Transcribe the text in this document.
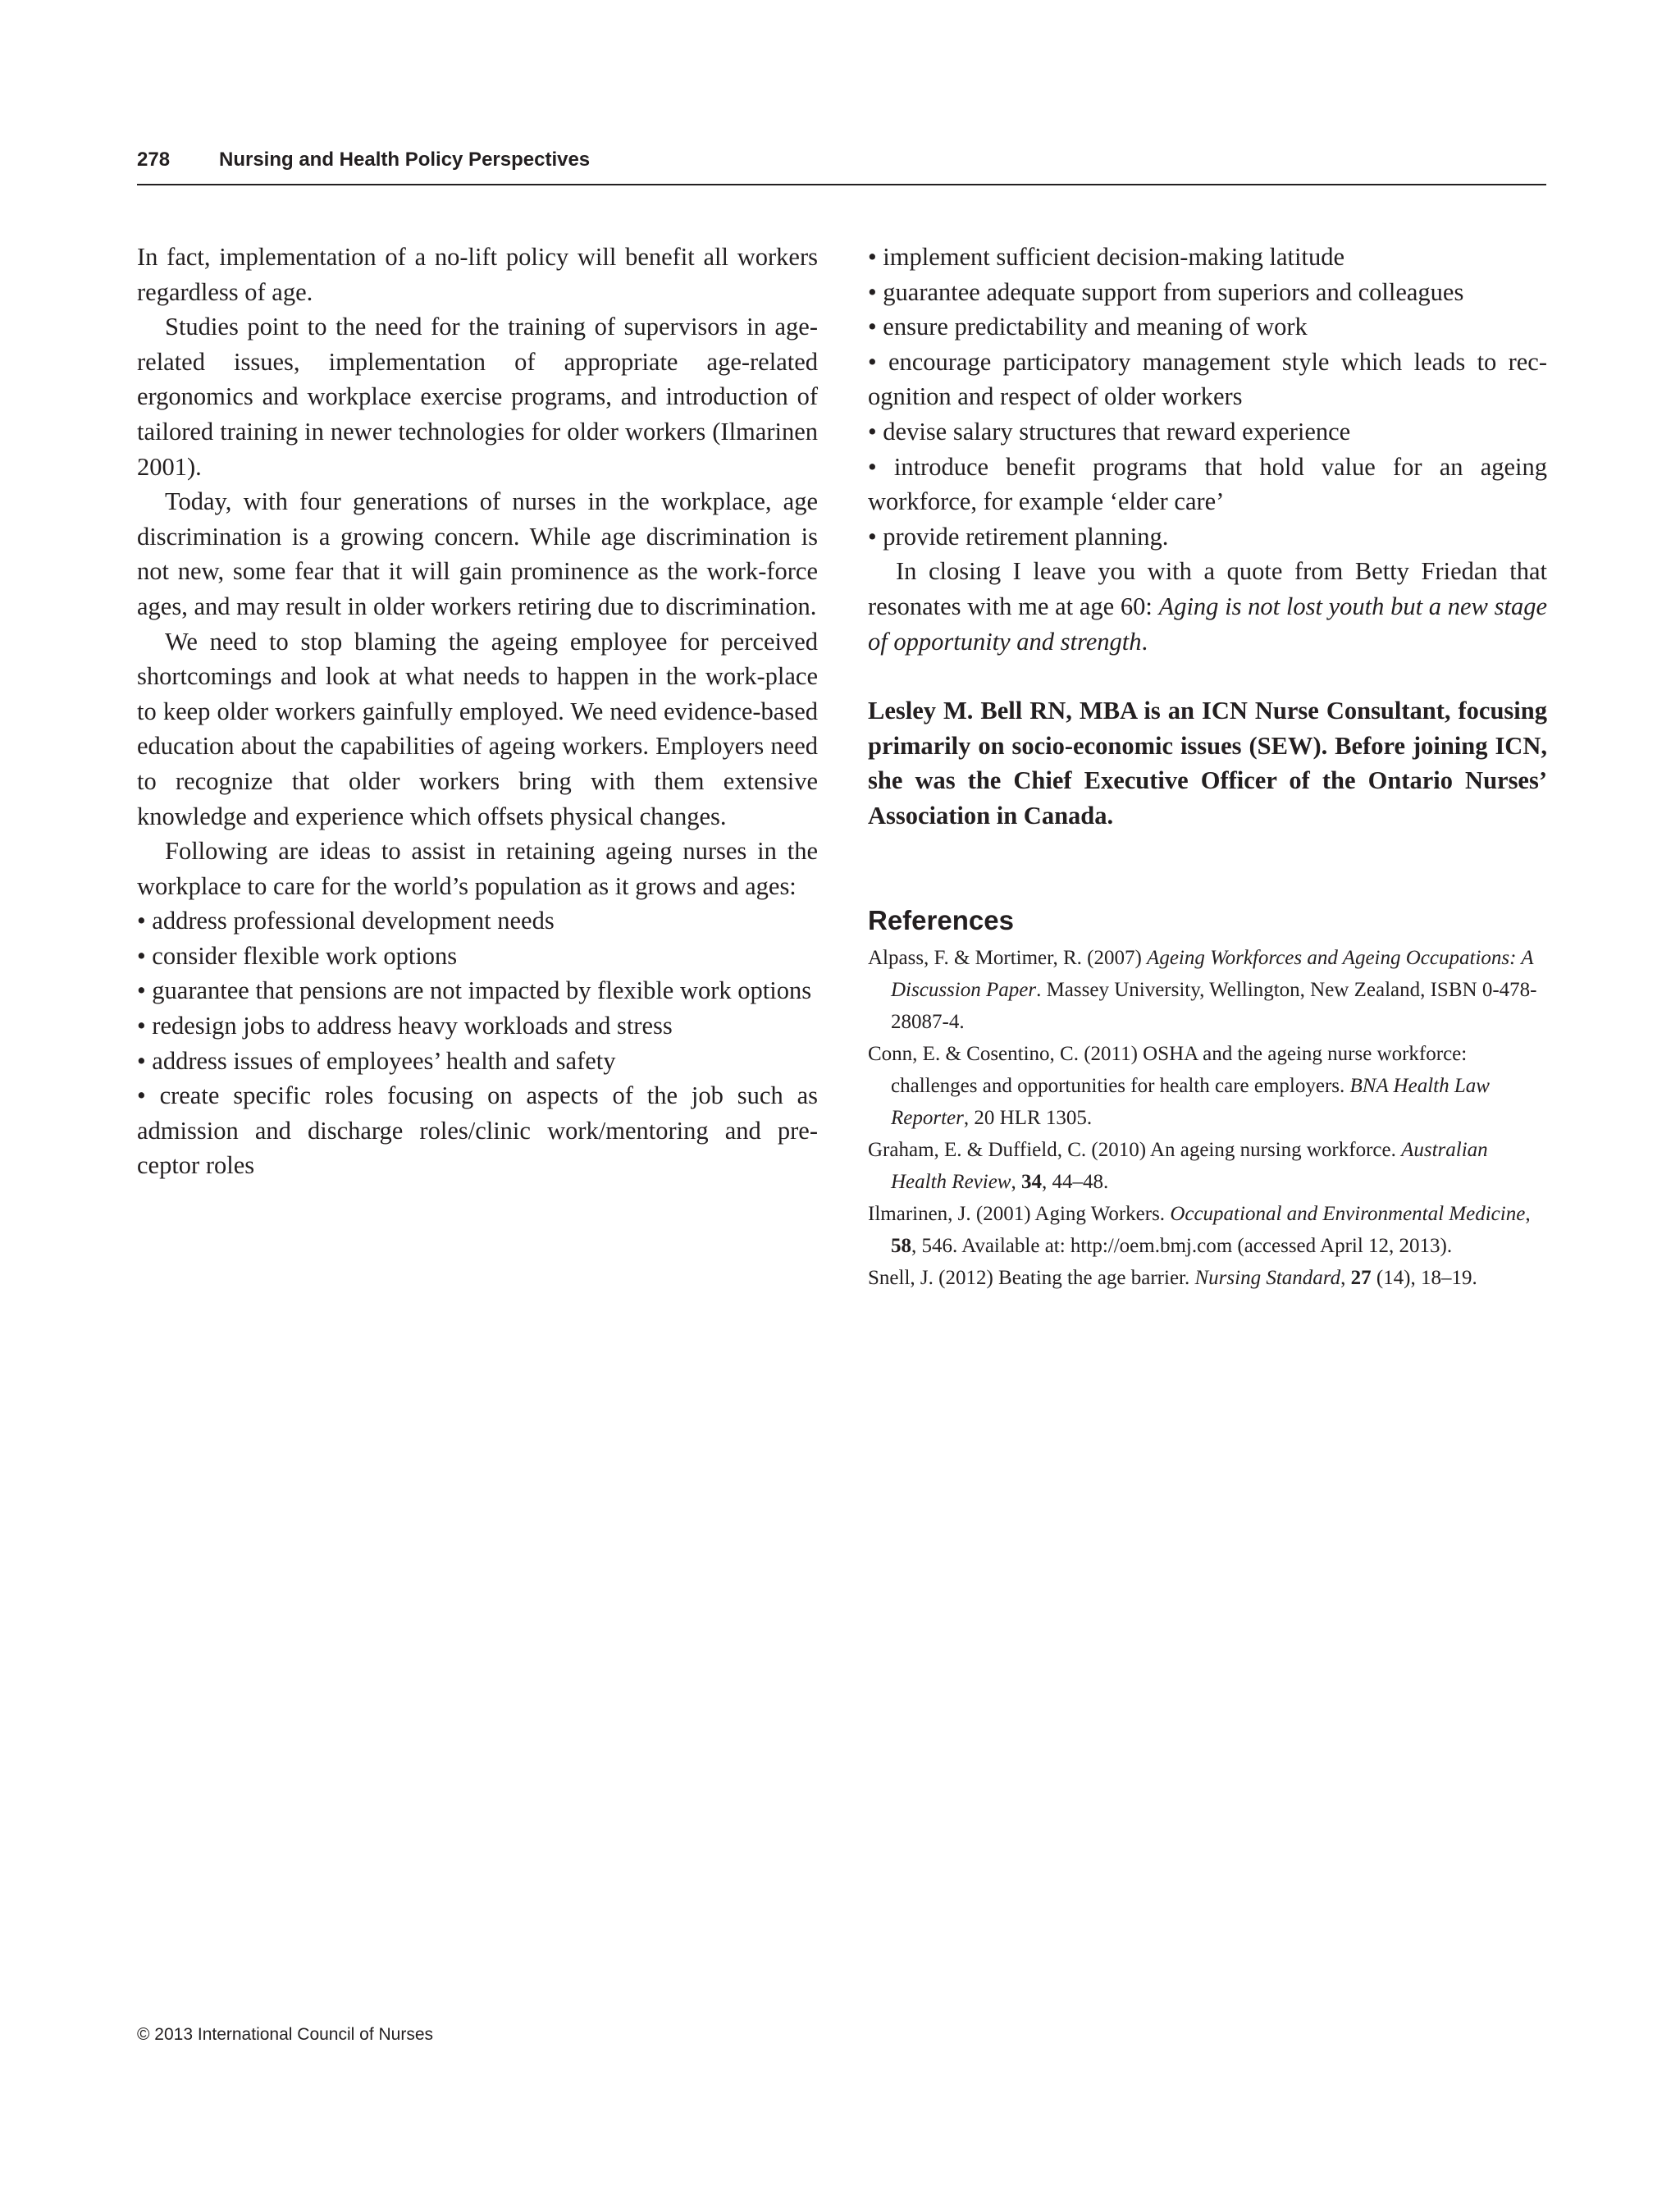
278 Nursing and Health Policy Perspectives

In fact, implementation of a no-lift policy will benefit all workers regardless of age.

Studies point to the need for the training of supervisors in age-related issues, implementation of appropriate age-related ergonomics and workplace exercise programs, and introduction of tailored training in newer technologies for older workers (Ilmarinen 2001).

Today, with four generations of nurses in the workplace, age discrimination is a growing concern. While age discrimination is not new, some fear that it will gain prominence as the work-force ages, and may result in older workers retiring due to discrimination.

We need to stop blaming the ageing employee for perceived shortcomings and look at what needs to happen in the work-place to keep older workers gainfully employed. We need evidence-based education about the capabilities of ageing workers. Employers need to recognize that older workers bring with them extensive knowledge and experience which offsets physical changes.

Following are ideas to assist in retaining ageing nurses in the workplace to care for the world’s population as it grows and ages:

• address professional development needs

• consider flexible work options

• guarantee that pensions are not impacted by flexible work options

• redesign jobs to address heavy workloads and stress

• address issues of employees’ health and safety

• create specific roles focusing on aspects of the job such as admission and discharge roles/clinic work/mentoring and pre-ceptor roles

• implement sufficient decision-making latitude

• guarantee adequate support from superiors and colleagues

• ensure predictability and meaning of work

• encourage participatory management style which leads to rec-ognition and respect of older workers

• devise salary structures that reward experience

• introduce benefit programs that hold value for an ageing workforce, for example ‘elder care’

• provide retirement planning.

In closing I leave you with a quote from Betty Friedan that resonates with me at age 60: Aging is not lost youth but a new stage of opportunity and strength.

Lesley M. Bell RN, MBA is an ICN Nurse Consultant, focusing primarily on socio-economic issues (SEW). Before joining ICN, she was the Chief Executive Officer of the Ontario Nurses’ Association in Canada.

References

Alpass, F. & Mortimer, R. (2007) Ageing Workforces and Ageing Occupations: A Discussion Paper. Massey University, Wellington, New Zealand, ISBN 0-478-28087-4.

Conn, E. & Cosentino, C. (2011) OSHA and the ageing nurse workforce: challenges and opportunities for health care employers. BNA Health Law Reporter, 20 HLR 1305.

Graham, E. & Duffield, C. (2010) An ageing nursing workforce. Australian Health Review, 34, 44–48.

Ilmarinen, J. (2001) Aging Workers. Occupational and Environmental Medicine, 58, 546. Available at: http://oem.bmj.com (accessed April 12, 2013).

Snell, J. (2012) Beating the age barrier. Nursing Standard, 27 (14), 18–19.

© 2013 International Council of Nurses
